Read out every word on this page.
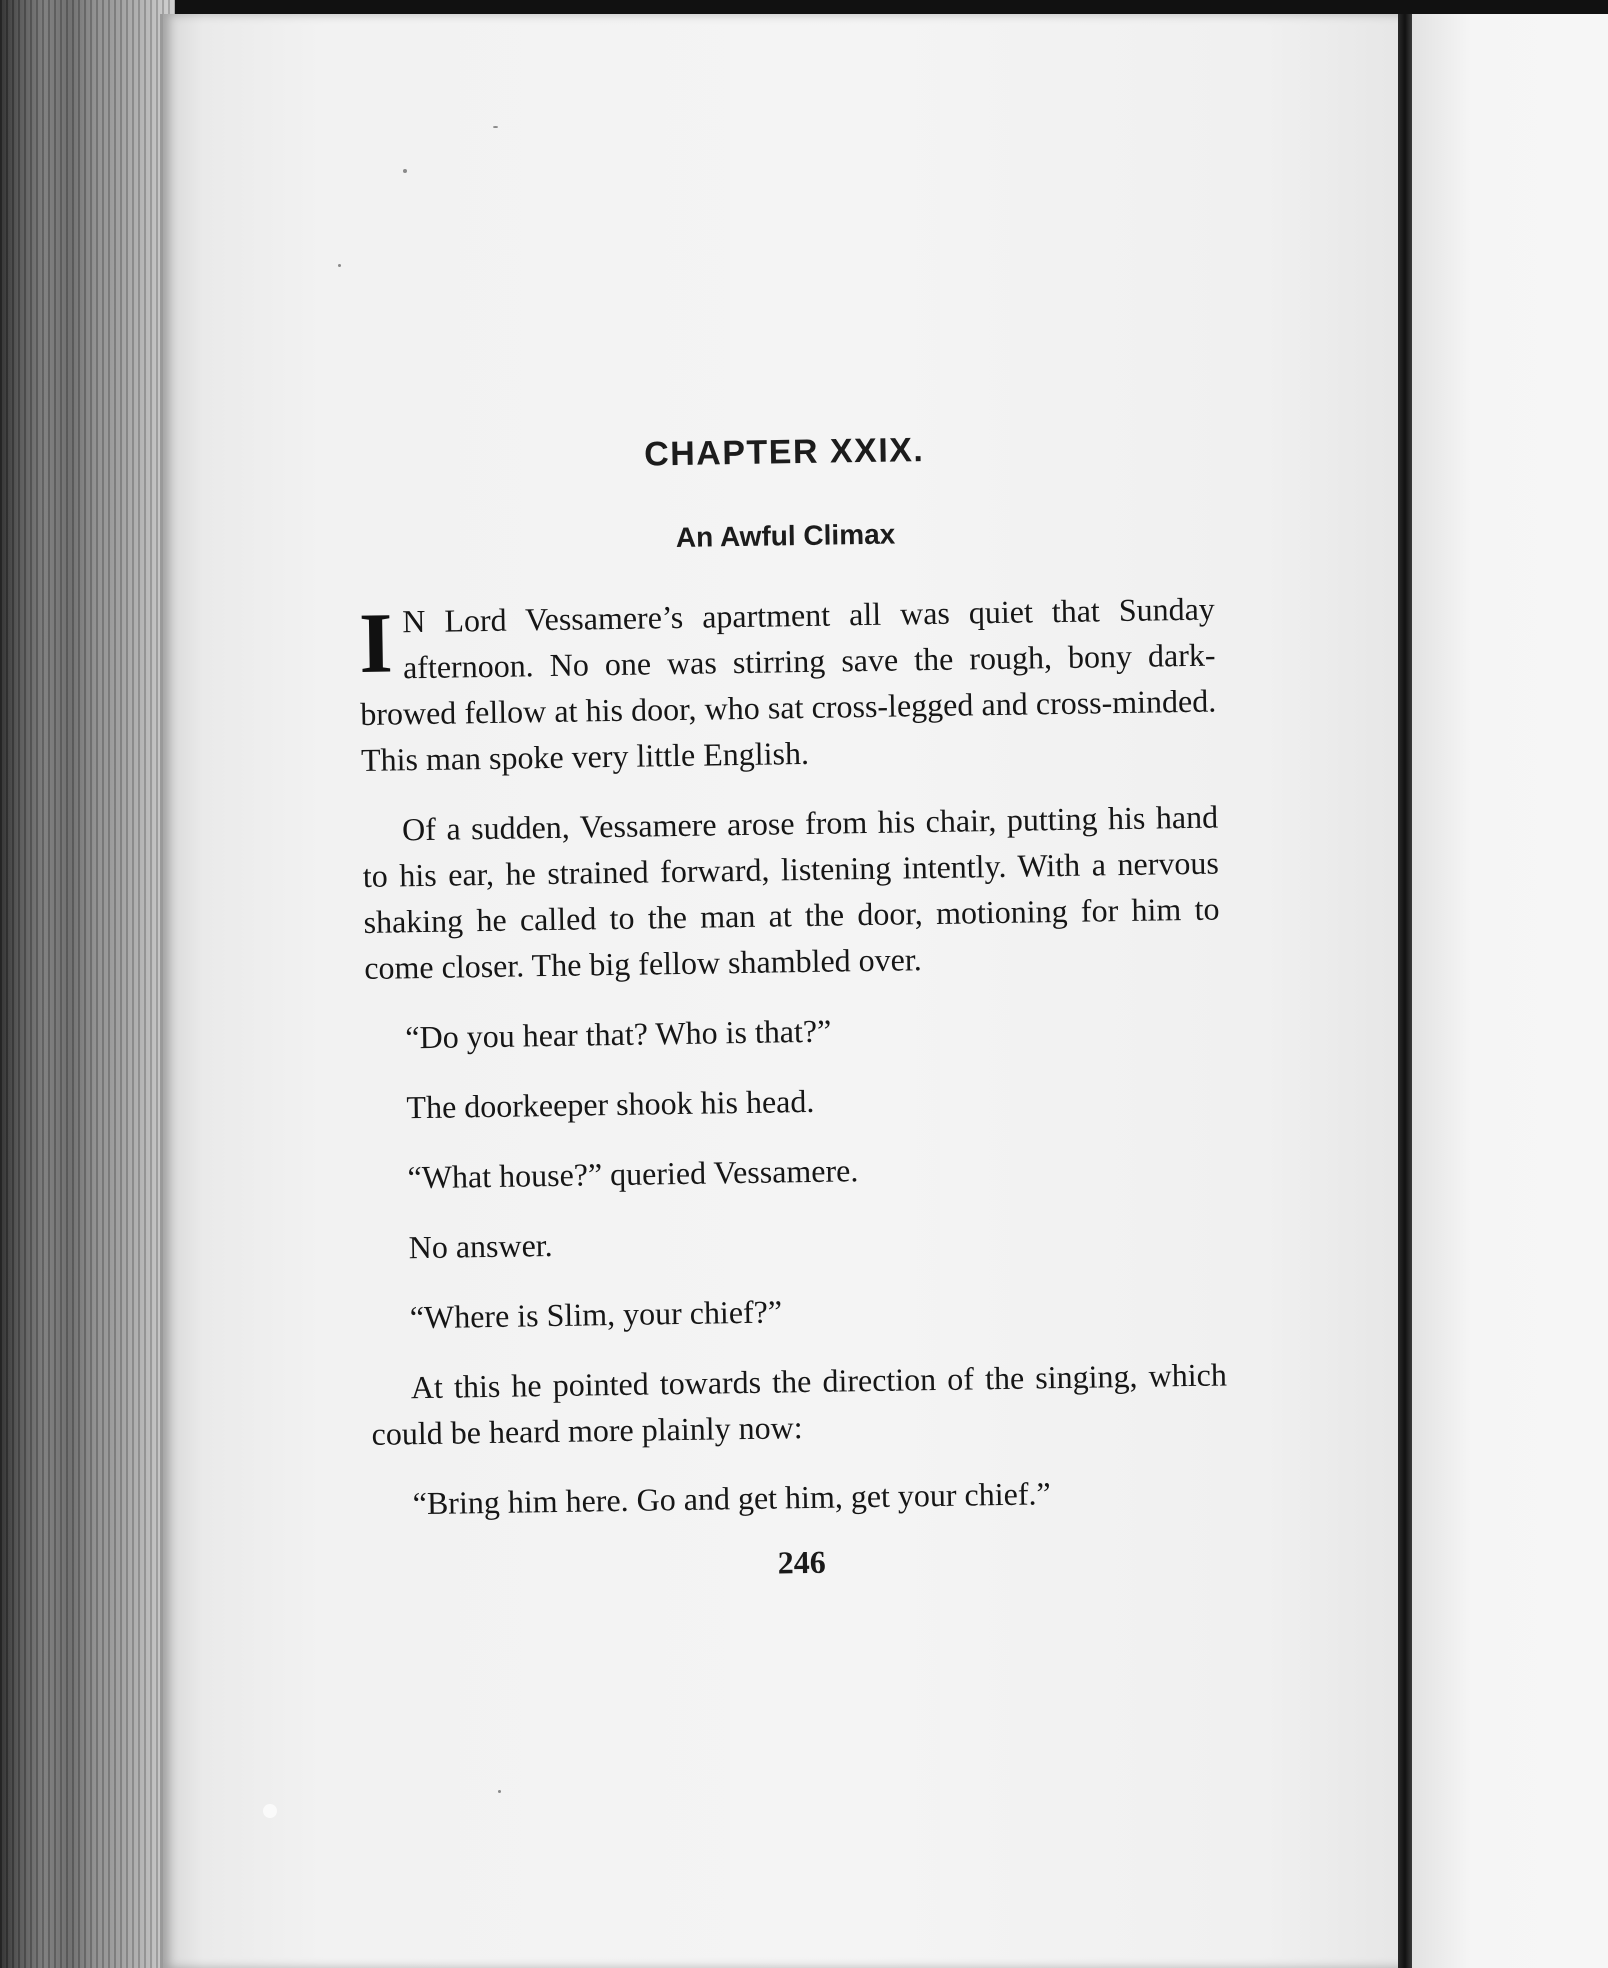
CHAPTER XXIX.
An Awful Climax

I N Lord Vessamere’s apartment all was quiet that Sunday afternoon. No one was stirring save the rough, bony dark-browed fellow at his door, who sat cross-legged and cross-minded. This man spoke very little English.

Of a sudden, Vessamere arose from his chair, putting his hand to his ear, he strained forward, listening intently. With a nervous shaking he called to the man at the door, motioning for him to come closer. The big fellow shambled over.

“Do you hear that? Who is that?”

The doorkeeper shook his head.

“What house?” queried Vessamere.

No answer.

“Where is Slim, your chief?”

At this he pointed towards the direction of the singing, which could be heard more plainly now:

“Bring him here. Go and get him, get your chief.”

246
